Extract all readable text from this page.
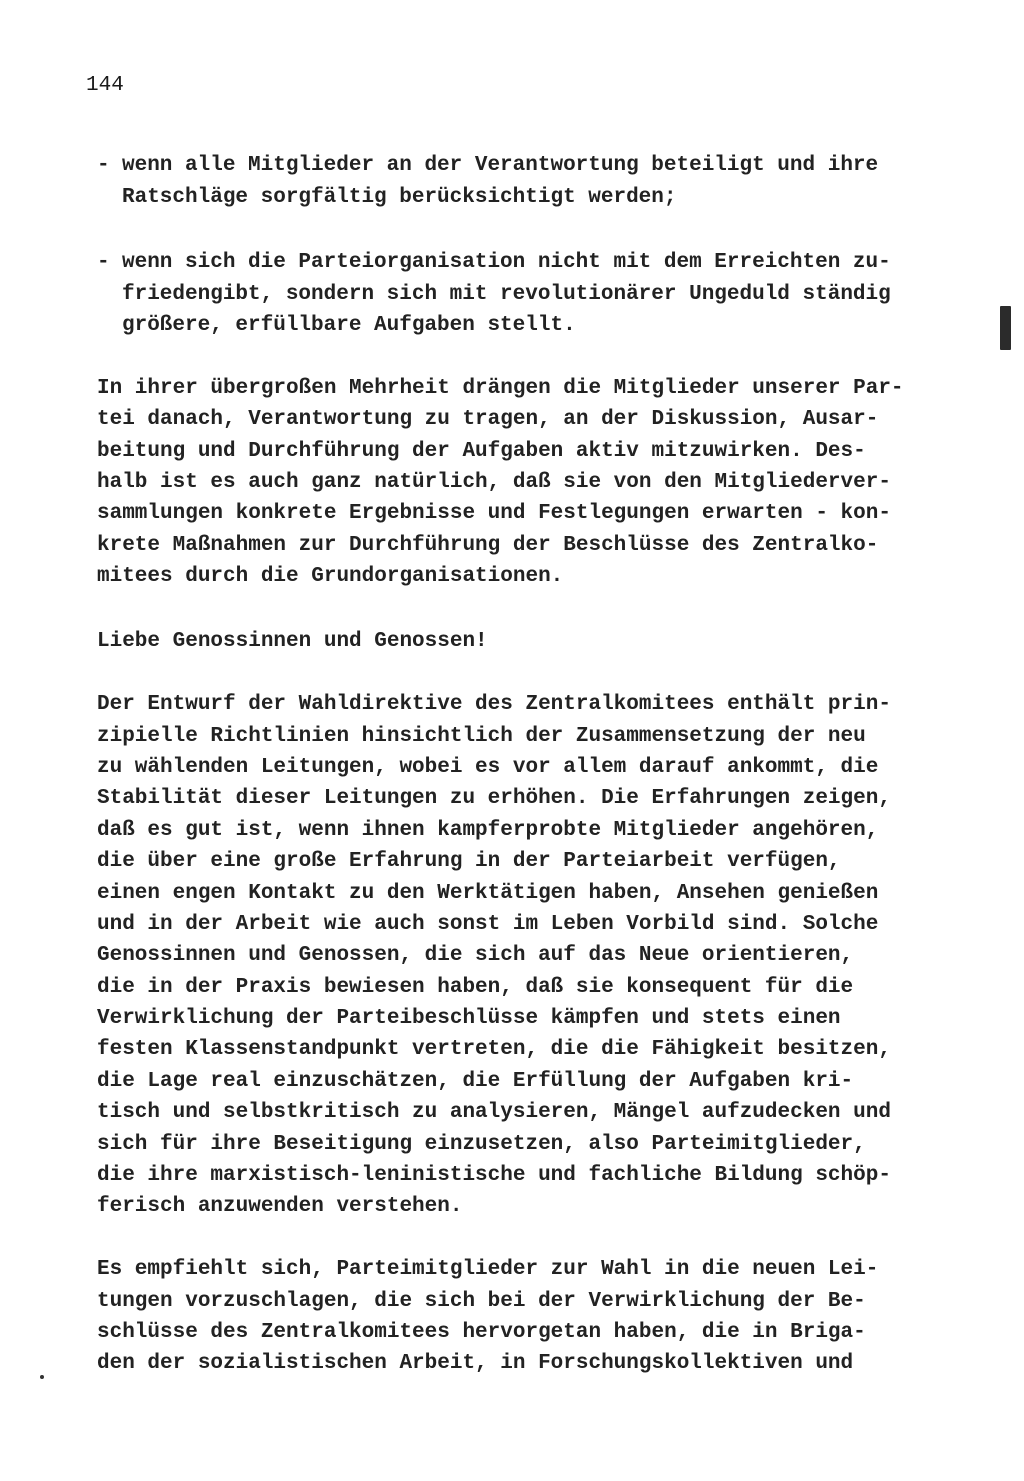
144
- wenn alle Mitglieder an der Verantwortung beteiligt und ihre
Ratschläge sorgfältig berücksichtigt werden;
- wenn sich die Parteiorganisation nicht mit dem Erreichten zu-
friedengibt, sondern sich mit revolutionärer Ungeduld ständig
größere, erfüllbare Aufgaben stellt.
In ihrer übergroßen Mehrheit drängen die Mitglieder unserer Par-
tei danach, Verantwortung zu tragen, an der Diskussion, Ausar-
beitung und Durchführung der Aufgaben aktiv mitzuwirken. Des-
halb ist es auch ganz natürlich, daß sie von den Mitgliederver-
sammlungen konkrete Ergebnisse und Festlegungen erwarten - kon-
krete Maßnahmen zur Durchführung der Beschlüsse des Zentralko-
mitees durch die Grundorganisationen.
Liebe Genossinnen und Genossen!
Der Entwurf der Wahldirektive des Zentralkomitees enthält prin-
zipielle Richtlinien hinsichtlich der Zusammensetzung der neu
zu wählenden Leitungen, wobei es vor allem darauf ankommt, die
Stabilität dieser Leitungen zu erhöhen. Die Erfahrungen zeigen,
daß es gut ist, wenn ihnen kampferprobte Mitglieder angehören,
die über eine große Erfahrung in der Parteiarbeit verfügen,
einen engen Kontakt zu den Werktätigen haben, Ansehen genießen
und in der Arbeit wie auch sonst im Leben Vorbild sind. Solche
Genossinnen und Genossen, die sich auf das Neue orientieren,
die in der Praxis bewiesen haben, daß sie konsequent für die
Verwirklichung der Parteibeschlüsse kämpfen und stets einen
festen Klassenstandpunkt vertreten, die die Fähigkeit besitzen,
die Lage real einzuschätzen, die Erfüllung der Aufgaben kri-
tisch und selbstkritisch zu analysieren, Mängel aufzudecken und
sich für ihre Beseitigung einzusetzen, also Parteimitglieder,
die ihre marxistisch-leninistische und fachliche Bildung schöp-
ferisch anzuwenden verstehen.
Es empfiehlt sich, Parteimitglieder zur Wahl in die neuen Lei-
tungen vorzuschlagen, die sich bei der Verwirklichung der Be-
schlüsse des Zentralkomitees hervorgetan haben, die in Briga-
den der sozialistischen Arbeit, in Forschungskollektiven und
